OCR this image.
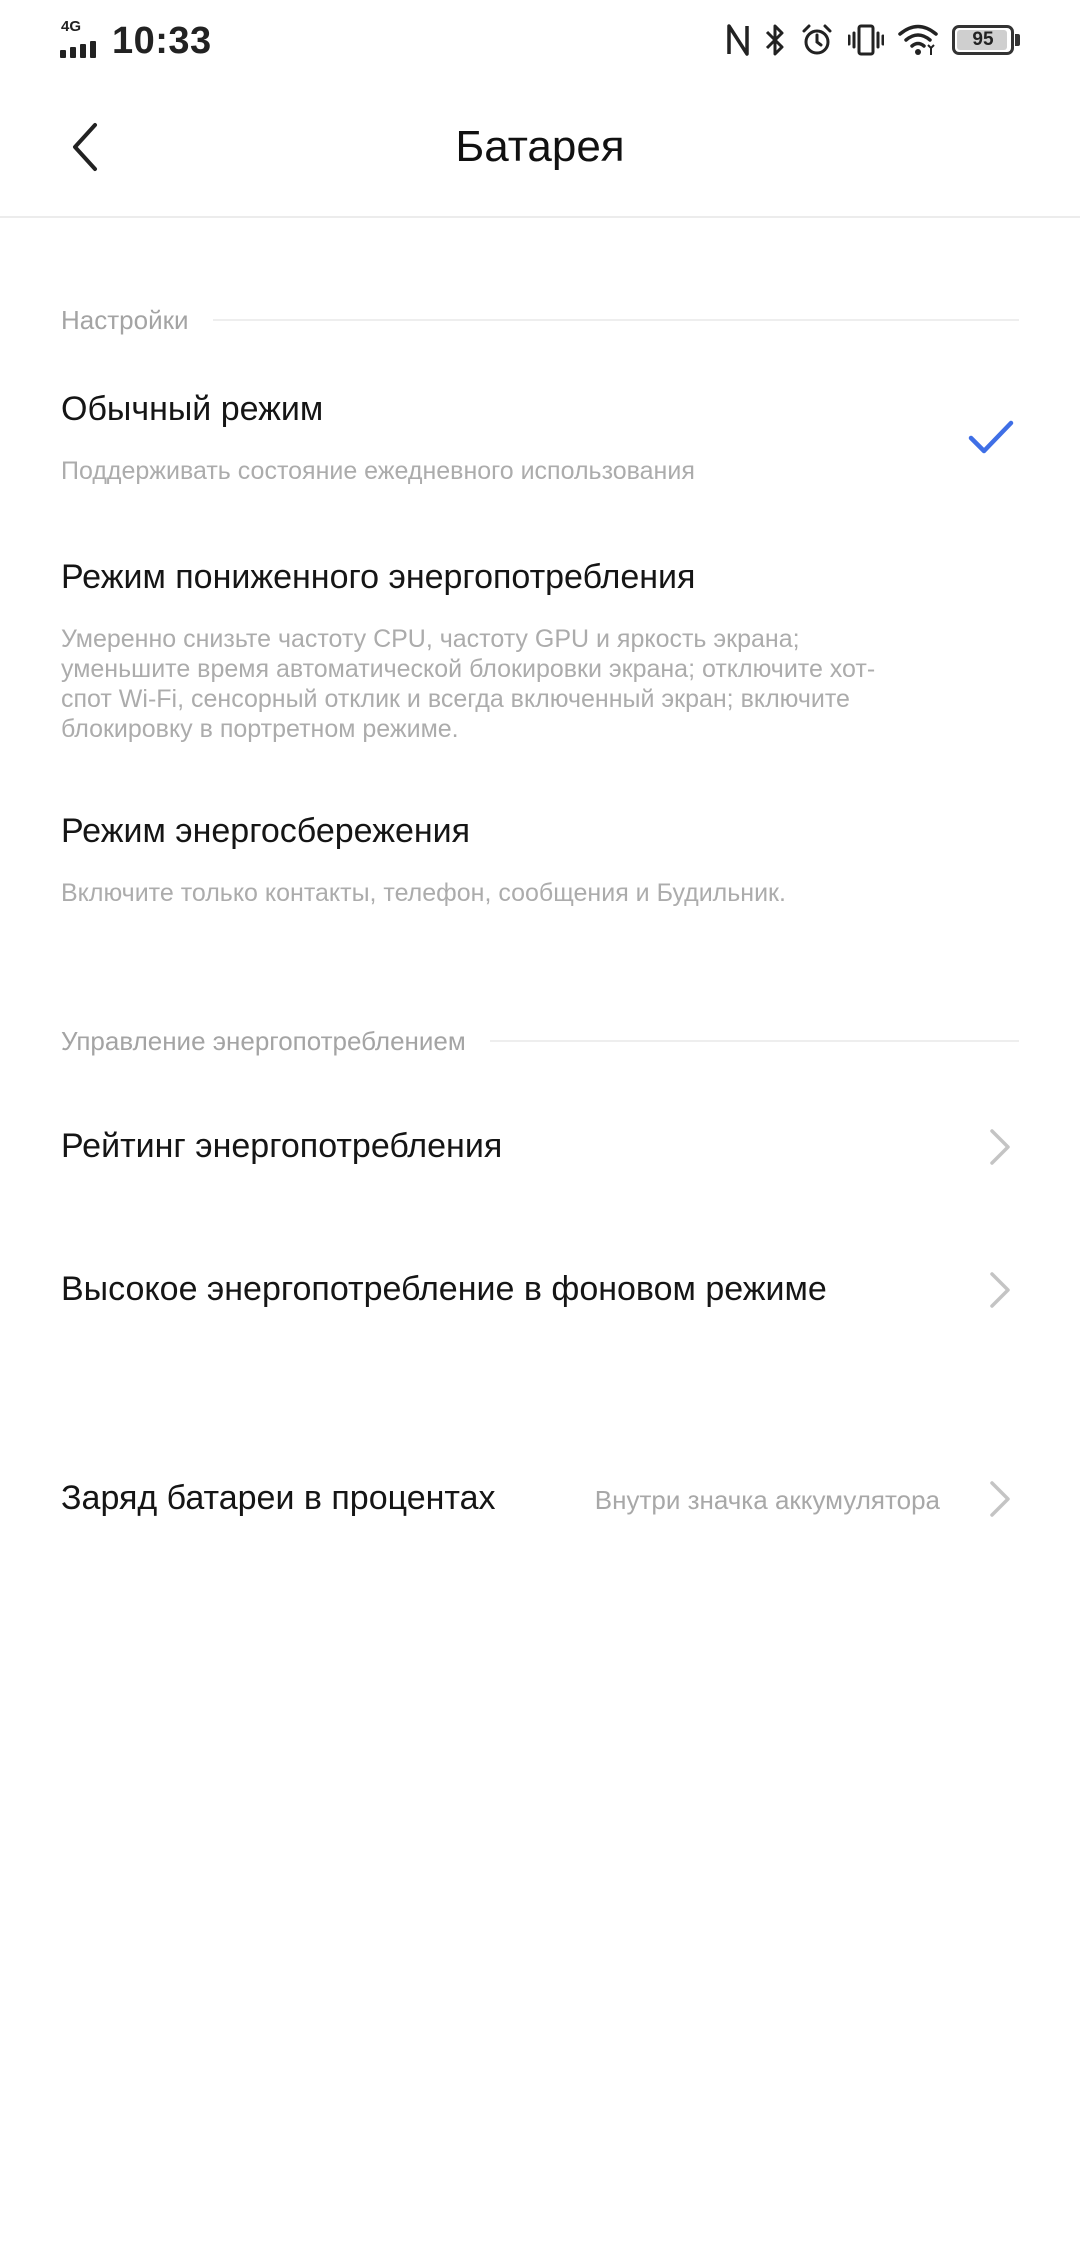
4G 10:33	95
Батарея
Настройки
Обычный режим
Поддерживать состояние ежедневного использования
Режим пониженного энергопотребления
Умеренно снизьте частоту CPU, частоту GPU и яркость экрана; уменьшите время автоматической блокировки экрана; отключите хот-спот Wi-Fi, сенсорный отклик и всегда включенный экран; включите блокировку в портретном режиме.
Режим энергосбережения
Включите только контакты, телефон, сообщения и Будильник.
Управление энергопотреблением
Рейтинг энергопотребления
Высокое энергопотребление в фоновом режиме
Заряд батареи в процентах	Внутри значка аккумулятора
